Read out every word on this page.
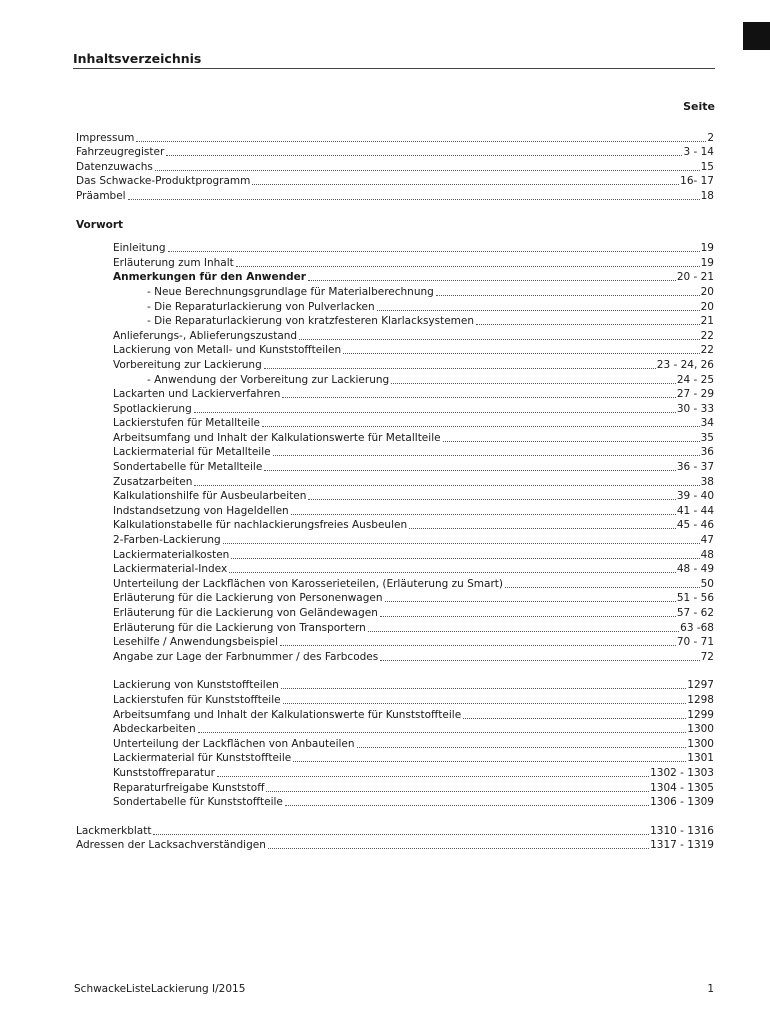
Inhaltsverzeichnis
Seite
Impressum	2
Fahrzeugregister	3 - 14
Datenzuwachs	15
Das Schwacke-Produktprogramm	16- 17
Präambel	18
Vorwort
Einleitung	19
Erläuterung zum Inhalt	19
Anmerkungen für den Anwender	20 - 21
- Neue Berechnungsgrundlage für Materialberechnung	20
- Die Reparaturlackierung von Pulverlacken	20
- Die Reparaturlackierung von kratzfesteren Klarlacksystemen	21
Anlieferungs-, Ablieferungszustand	22
Lackierung von Metall- und Kunststoffteilen	22
Vorbereitung zur Lackierung	23 - 24, 26
- Anwendung der Vorbereitung zur Lackierung	24 - 25
Lackarten und Lackierverfahren	27 - 29
Spotlackierung	30 - 33
Lackierstufen für Metallteile	34
Arbeitsumfang und Inhalt der Kalkulationswerte für Metallteile	35
Lackiermaterial für Metallteile	36
Sondertabelle für Metallteile	36 - 37
Zusatzarbeiten	38
Kalkulationshilfe für Ausbeularbeiten	39 - 40
Indstandsetzung von Hageldellen	41 - 44
Kalkulationstabelle für nachlackierungsfreies Ausbeulen	45 - 46
2-Farben-Lackierung	47
Lackiermaterialkosten	48
Lackiermaterial-Index	48 - 49
Unterteilung der Lackflächen von Karosserieteilen, (Erläuterung zu Smart)	50
Erläuterung für die Lackierung von Personenwagen	51 - 56
Erläuterung für die Lackierung von Geländewagen	57 - 62
Erläuterung für die Lackierung von Transportern	63 -68
Lesehilfe / Anwendungsbeispiel	70 - 71
Angabe zur Lage der Farbnummer / des Farbcodes	72
Lackierung von Kunststoffteilen	1297
Lackierstufen für Kunststoffteile	1298
Arbeitsumfang und Inhalt der Kalkulationswerte für Kunststoffteile	1299
Abdeckarbeiten	1300
Unterteilung der Lackflächen von Anbauteilen	1300
Lackiermaterial für Kunststoffteile	1301
Kunststoffreparatur	1302 - 1303
Reparaturfreigabe Kunststoff	1304 - 1305
Sondertabelle für Kunststoffteile	1306 - 1309
Lackmerkblatt	1310 - 1316
Adressen der Lacksachverständigen	1317 - 1319
SchwackeListeLackierung I/2015	1
